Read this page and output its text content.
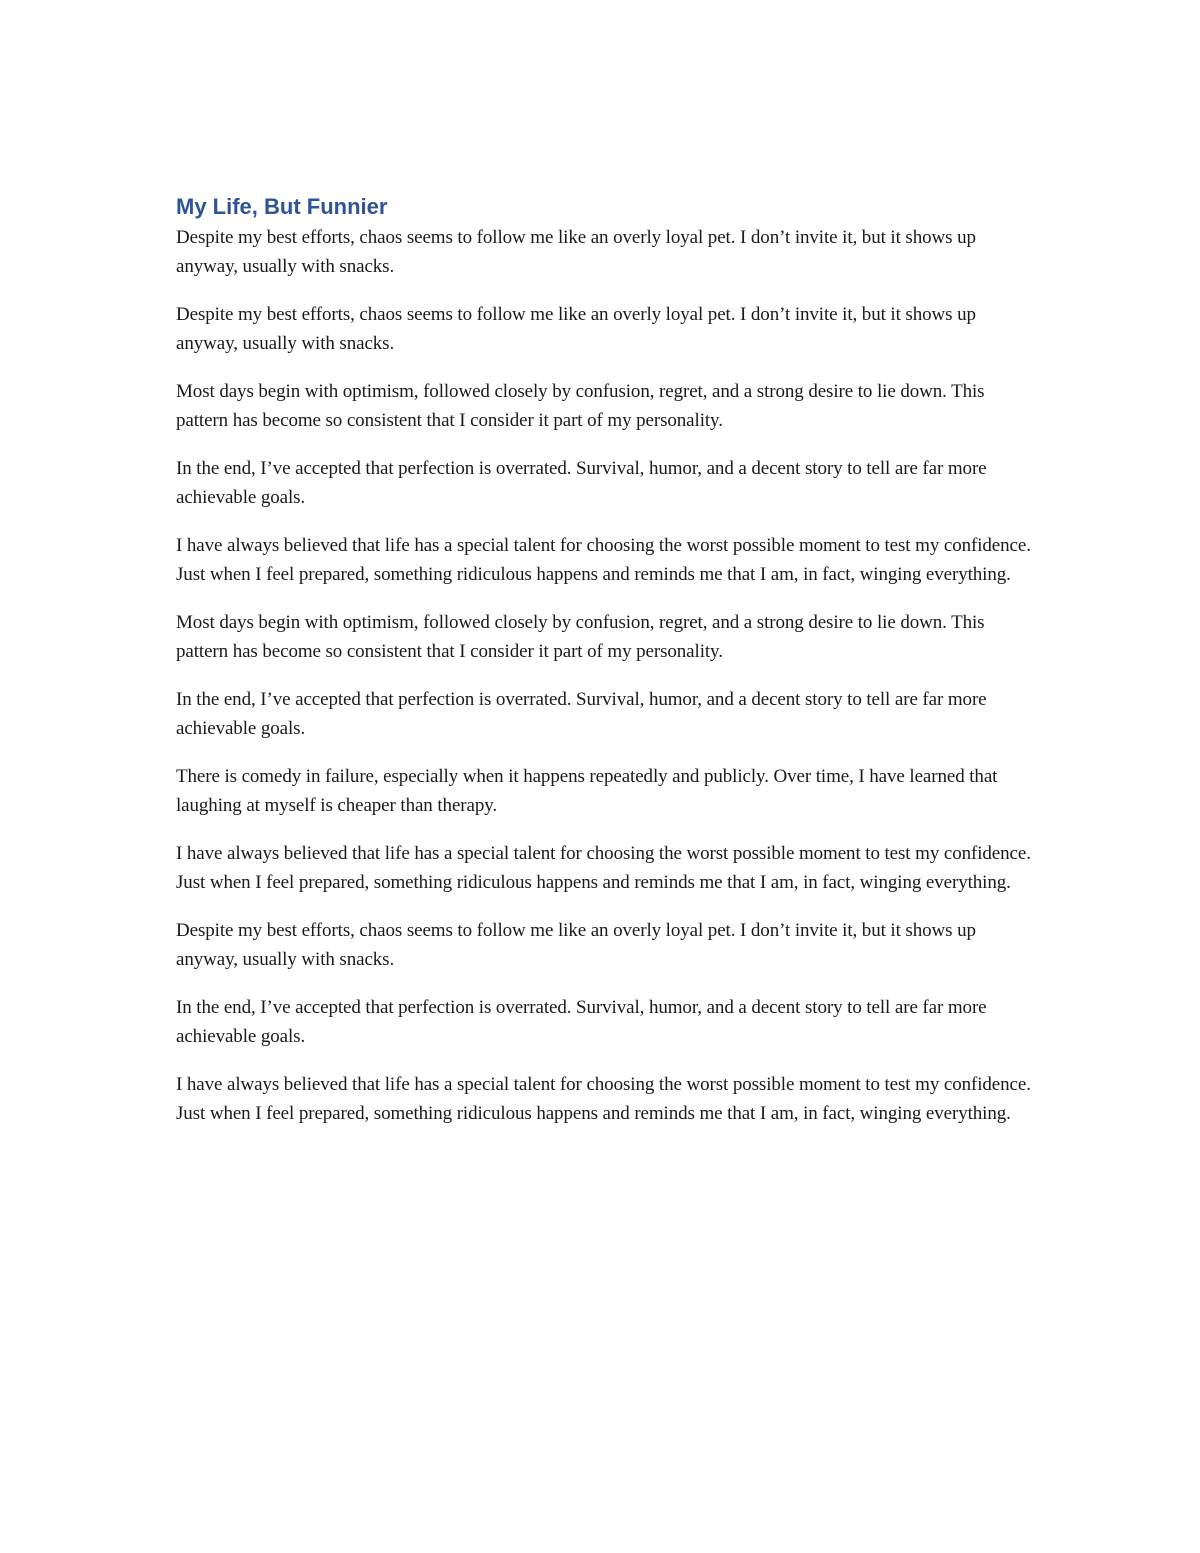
My Life, But Funnier

Despite my best efforts, chaos seems to follow me like an overly loyal pet. I don’t invite it, but it shows up anyway, usually with snacks.

Despite my best efforts, chaos seems to follow me like an overly loyal pet. I don’t invite it, but it shows up anyway, usually with snacks.

Most days begin with optimism, followed closely by confusion, regret, and a strong desire to lie down. This pattern has become so consistent that I consider it part of my personality.

In the end, I’ve accepted that perfection is overrated. Survival, humor, and a decent story to tell are far more achievable goals.

I have always believed that life has a special talent for choosing the worst possible moment to test my confidence. Just when I feel prepared, something ridiculous happens and reminds me that I am, in fact, winging everything.

Most days begin with optimism, followed closely by confusion, regret, and a strong desire to lie down. This pattern has become so consistent that I consider it part of my personality.

In the end, I’ve accepted that perfection is overrated. Survival, humor, and a decent story to tell are far more achievable goals.

There is comedy in failure, especially when it happens repeatedly and publicly. Over time, I have learned that laughing at myself is cheaper than therapy.

I have always believed that life has a special talent for choosing the worst possible moment to test my confidence. Just when I feel prepared, something ridiculous happens and reminds me that I am, in fact, winging everything.

Despite my best efforts, chaos seems to follow me like an overly loyal pet. I don’t invite it, but it shows up anyway, usually with snacks.

In the end, I’ve accepted that perfection is overrated. Survival, humor, and a decent story to tell are far more achievable goals.

I have always believed that life has a special talent for choosing the worst possible moment to test my confidence. Just when I feel prepared, something ridiculous happens and reminds me that I am, in fact, winging everything.
